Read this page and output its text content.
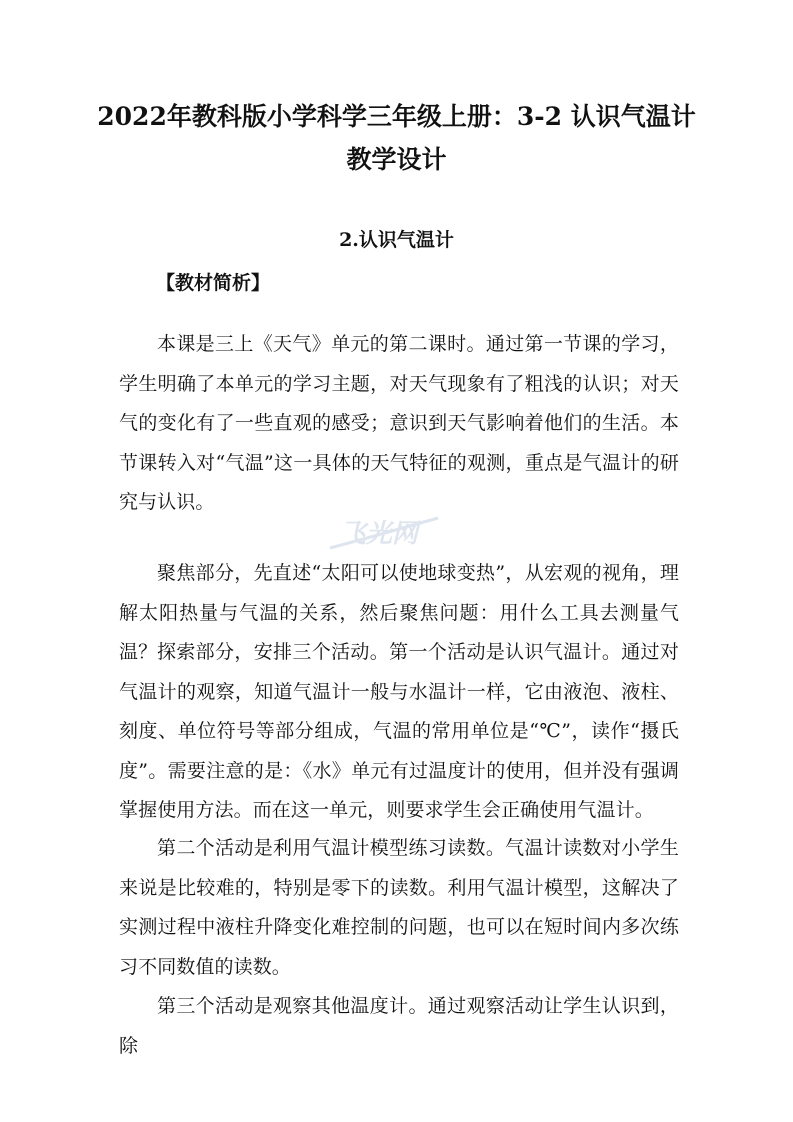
2022年教科版小学科学三年级上册：3-2 认识气温计
教学设计
2.认识气温计
【教材简析】

本课是三上《天气》单元的第二课时。通过第一节课的学习，学生明确了本单元的学习主题，对天气现象有了粗浅的认识；对天气的变化有了一些直观的感受；意识到天气影响着他们的生活。本节课转入对“气温”这一具体的天气特征的观测，重点是气温计的研究与认识。

聚焦部分，先直述“太阳可以使地球变热”，从宏观的视角，理解太阳热量与气温的关系，然后聚焦问题：用什么工具去测量气温？ 探索部分，安排三个活动。第一个活动是认识气温计。通过对气温计的观察，知道气温计一般与水温计一样，它由液泡、液柱、刻度、单位符号等部分组成，气温的常用单位是“℃”，读作“摄氏度”。需要注意的是：《水》单元有过温度计的使用，但并没有强调掌握使用方法。而在这一单元，则要求学生会正确使用气温计。

第二个活动是利用气温计模型练习读数。气温计读数对小学生来说是比较难的，特别是零下的读数。利用气温计模型，这解决了实测过程中液柱升降变化难控制的问题，也可以在短时间内多次练习不同数值的读数。

第三个活动是观察其他温度计。通过观察活动让学生认识到，除

飞光网
